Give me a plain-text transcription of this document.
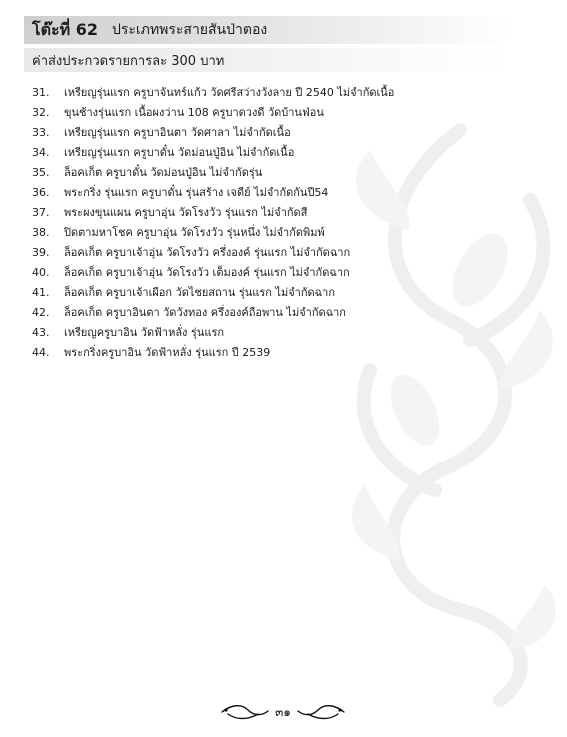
โต๊ะที่ 62 ประเภทพระสายสันป่าตอง
ค่าส่งประกวดรายการละ 300 บาท
31.	เหรียญรุ่นแรก ครูบาจันทร์แก้ว วัดศรีสว่างวังลาย ปี 2540 ไม่จำกัดเนื้อ
32.	ขุนช้างรุ่นแรก เนื้อผงว่าน 108 ครูบาดวงดี วัดบ้านฟ่อน
33.	เหรียญรุ่นแรก ครูบาอินตา วัดศาลา ไม่จำกัดเนื้อ
34.	เหรียญรุ่นแรก ครูบาดั๋น วัดม่อนปู่อิน ไม่จำกัดเนื้อ
35.	ล็อคเก็ต ครูบาดั๋น วัดม่อนปู่อิน ไม่จำกัดรุ่น
36.	พระกริ่ง รุ่นแรก ครูบาดั๋น รุ่นสร้าง เจดีย์ ไม่จำกัดกันปี54
37.	พระผงขุนแผน ครูบาอุ่น วัดโรงวัว รุ่นแรก ไม่จำกัดสี
38.	ปิดตามหาโชค ครูบาอุ่น วัดโรงวัว รุ่นหนึ่ง ไม่จำกัดพิมพ์
39.	ล็อคเก็ต ครูบาเจ้าอุ่น วัดโรงวัว ครึ่งองค์ รุ่นแรก ไม่จำกัดฉาก
40.	ล็อคเก็ต ครูบาเจ้าอุ่น วัดโรงวัว เต็มองค์ รุ่นแรก ไม่จำกัดฉาก
41.	ล็อคเก็ต ครูบาเจ้าเผือก วัดไชยสถาน รุ่นแรก ไม่จำกัดฉาก
42.	ล็อคเก็ต ครูบาอินตา วัดวังทอง ครึ่งองค์ถือพาน ไม่จำกัดฉาก
43.	เหรียญครูบาอิน วัดฟ้าหลั่ง รุ่นแรก
44.	พระกริ่งครูบาอิน วัดฟ้าหลั่ง รุ่นแรก ปี 2539
๓๑
